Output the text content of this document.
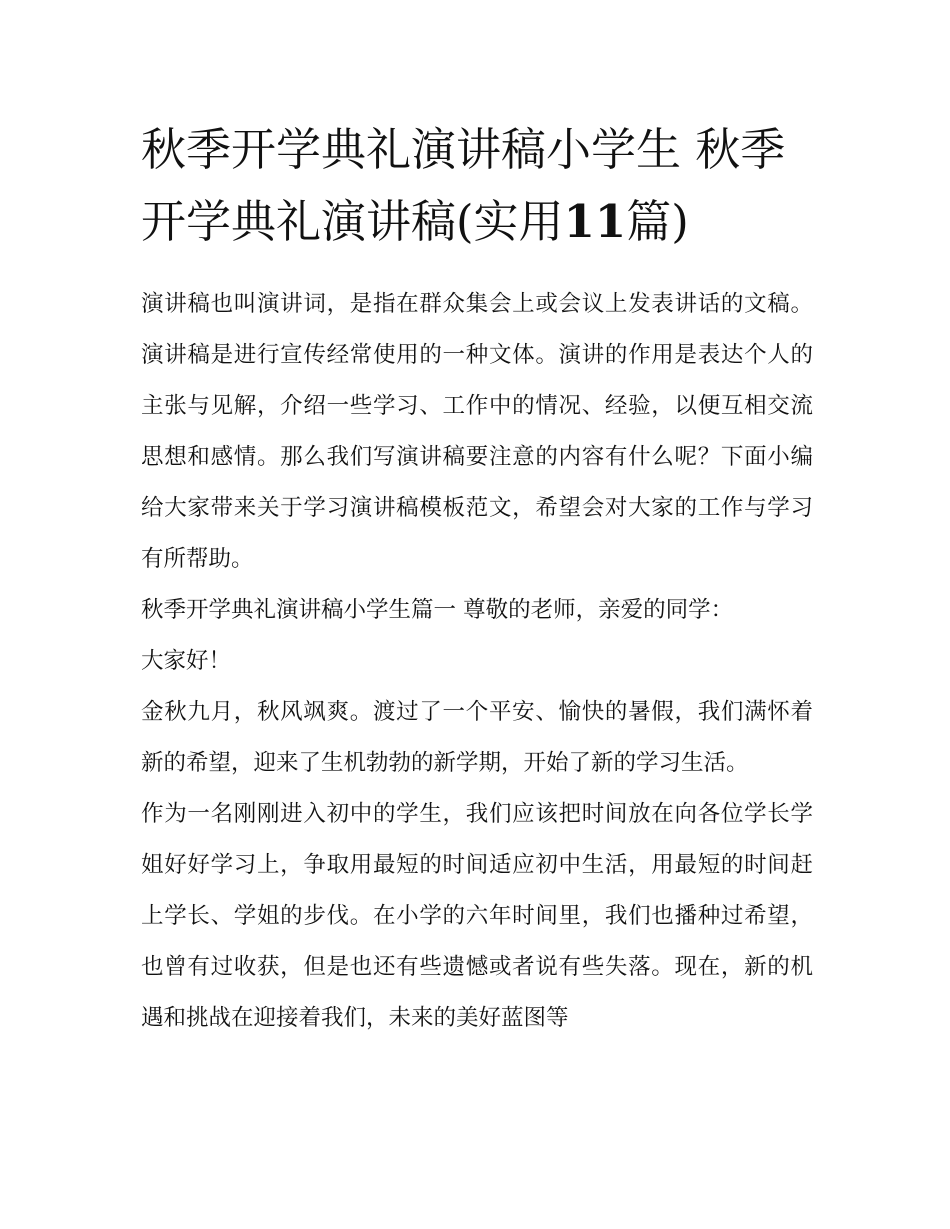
秋季开学典礼演讲稿小学生 秋季开学典礼演讲稿(实用11篇)

演讲稿也叫演讲词，是指在群众集会上或会议上发表讲话的文稿。演讲稿是进行宣传经常使用的一种文体。演讲的作用是表达个人的主张与见解，介绍一些学习、工作中的情况、经验，以便互相交流思想和感情。那么我们写演讲稿要注意的内容有什么呢？下面小编给大家带来关于学习演讲稿模板范文，希望会对大家的工作与学习有所帮助。

秋季开学典礼演讲稿小学生篇一 尊敬的老师，亲爱的同学：

大家好！

金秋九月，秋风飒爽。渡过了一个平安、愉快的暑假，我们满怀着新的希望，迎来了生机勃勃的新学期，开始了新的学习生活。

作为一名刚刚进入初中的学生，我们应该把时间放在向各位学长学姐好好学习上，争取用最短的时间适应初中生活，用最短的时间赶上学长、学姐的步伐。在小学的六年时间里，我们也播种过希望，也曾有过收获，但是也还有些遗憾或者说有些失落。现在，新的机遇和挑战在迎接着我们，未来的美好蓝图等
